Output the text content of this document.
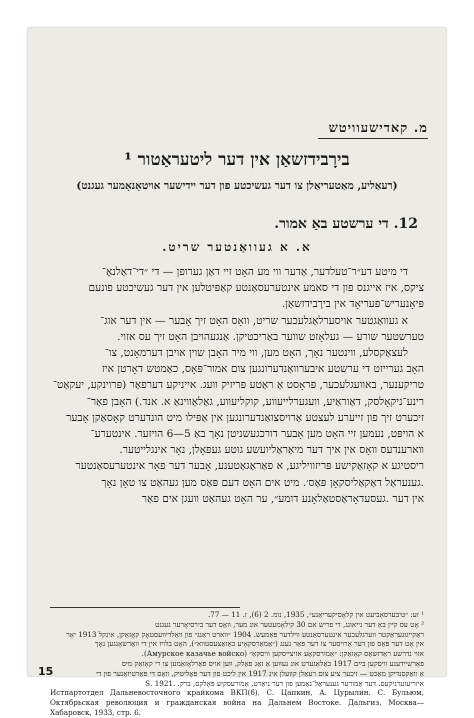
מ. קאדישעוויטש
בירָבידזשאַן אין דער ליטעראַטור ¹
(רעאַליע, מאַטעריאַלן צו דער געשיכטע פון דער יידישער אויטאָנאָמער געגנט)
12. די ערשטע באַ אמור.
א. א געוואַנטער שריט.

די מיטע דע״ר־טעלדער, אַדער ווי מע האָט זיי דאַן גערופן — די ״די־דאַלנאָ־

ציקס, איז אייגנס פון די סאמע אינטערעסאַנטע קאַפּיטלען אין דער געשיכטע פונעם

פּיאָנעריש־פּעריאָד אין בירָבידזשאַן.

א געוואַגטער אויסערלאַגלעכער שריט, וואָס האָט זיך אָבער — אין דער אוג־

טערשטער שורע — געלאָזט שווער באַריכטיקן. אַנגעהויבן האָט זיך עס אזוי.

לעצאַקסלע, ווינטער נאָך, האָט מען, ווי מיר האָבן שוין אויבן דערמאָנט, צו־

האָב גערייזט די ערשטע איבערוואַנדערונגען צום אמור־פּאָס, כאַמטש דאָרטן איז

טריקענער, באוועגלעכער, פּראָסט אַ ראַטע פּריזיק וועג. אייניקע דערפאַר (פּרוינקע, יעקאַט־

רינע־ניקאָלסק, דאַוראַיע, וועגערלייעווע, קוקליעווע, גאַלאַווינאַ א. אנד.) האָבן פאַר־

זיכערט זיך פון זייערע לעצטע אַרויסצואַנדערונגען אין אַפּילו מיט הונדערט קאָסאַקן אָבער

א הויפּט, נעמען זיי האָט מען אָבער דורכגעשניטן נאָך באַ 5—6 הויזער. אינטערע־

ווארענדעס וואָס אין איך דער מיאַראַליועשע גוטע געפאָלן, נאָר אינגלייטער.

ריסטיגע א קאָזאַקישע פּריזוויליגע, א פאַראַגאַטענע, אָבער דער פאָר אינטערעסאַנטער

.גענעראַל דאַקאַליסקאָן פּאַס׳. מיט אים האָט דעם פּאַס מען געהאַט צו טאָן נאָך

אין דער .געסעדאָראַסטאַלאָנע דומע״, ער האָט געהאַט וועגן אים פאַר

¹ זע: ״טיבערסאָביעט אין קלאָסיקעריאַנע״, 1935, נומ. 2 (6), ז. 11 — 77.

² אָט עס קיין באַ דער נייאונג, די פריש אם 30 קילאָמעטער אונ מער, וואָס דער בירסיאָרער געגנט

ראַקייגוגעראַקטר ווערגלעכער אינטערסאַנטע ווילדער פּאַמעש. 1904 ״ווארט ראַנג״ פון וואַלדיוועסטאָק קאָזאַקן, אינקל 1913 יאָר

אין אָט דער פּאַס פון דער אַרויסער צו דער פּאַר גענג (״אַמאַרסקאָיע כאַזאַצעסטווא״), האָט בלויז אין די וואַרשאָנגען נאָך

אזוי נדרשע ראַדזשאַס קאָזאַקן: ״אַמורסקאָע אזיצייסקען וויסקאַ״ (Амурское казачье войско).

פאַרשיידענע וויסקען בײַם 1917 באַלאַגערט אונ געווען אַ זאַג פאַלק, ווען אויס פאַרלאָזאַמען צו רי קאָזאַק מיס

אַ וואַקסנדיקן מאַכט — זיכער ציע צום רעאַלן קוועלן אינ 1917 אין ליכט פון דער פּאָליטיק, וואָס די פּאַרטיזאַנער פון די

איזריעזערניקעס. דער אַמורער גענעראַל־נאַמען פון דער ניאַרט, אַמורעסקיע פּאָלקס, ברק. .1921 .S

Истпартотдел Дальневосточного крайкома ВКП(б). С. Цапкин, А. Цурылин. С. Бульюм, Октябрьская революция и гражданская война на Дальнем Востоке. Дальгиз, Москва—Хабаровск, 1933, стр. 6.

15
